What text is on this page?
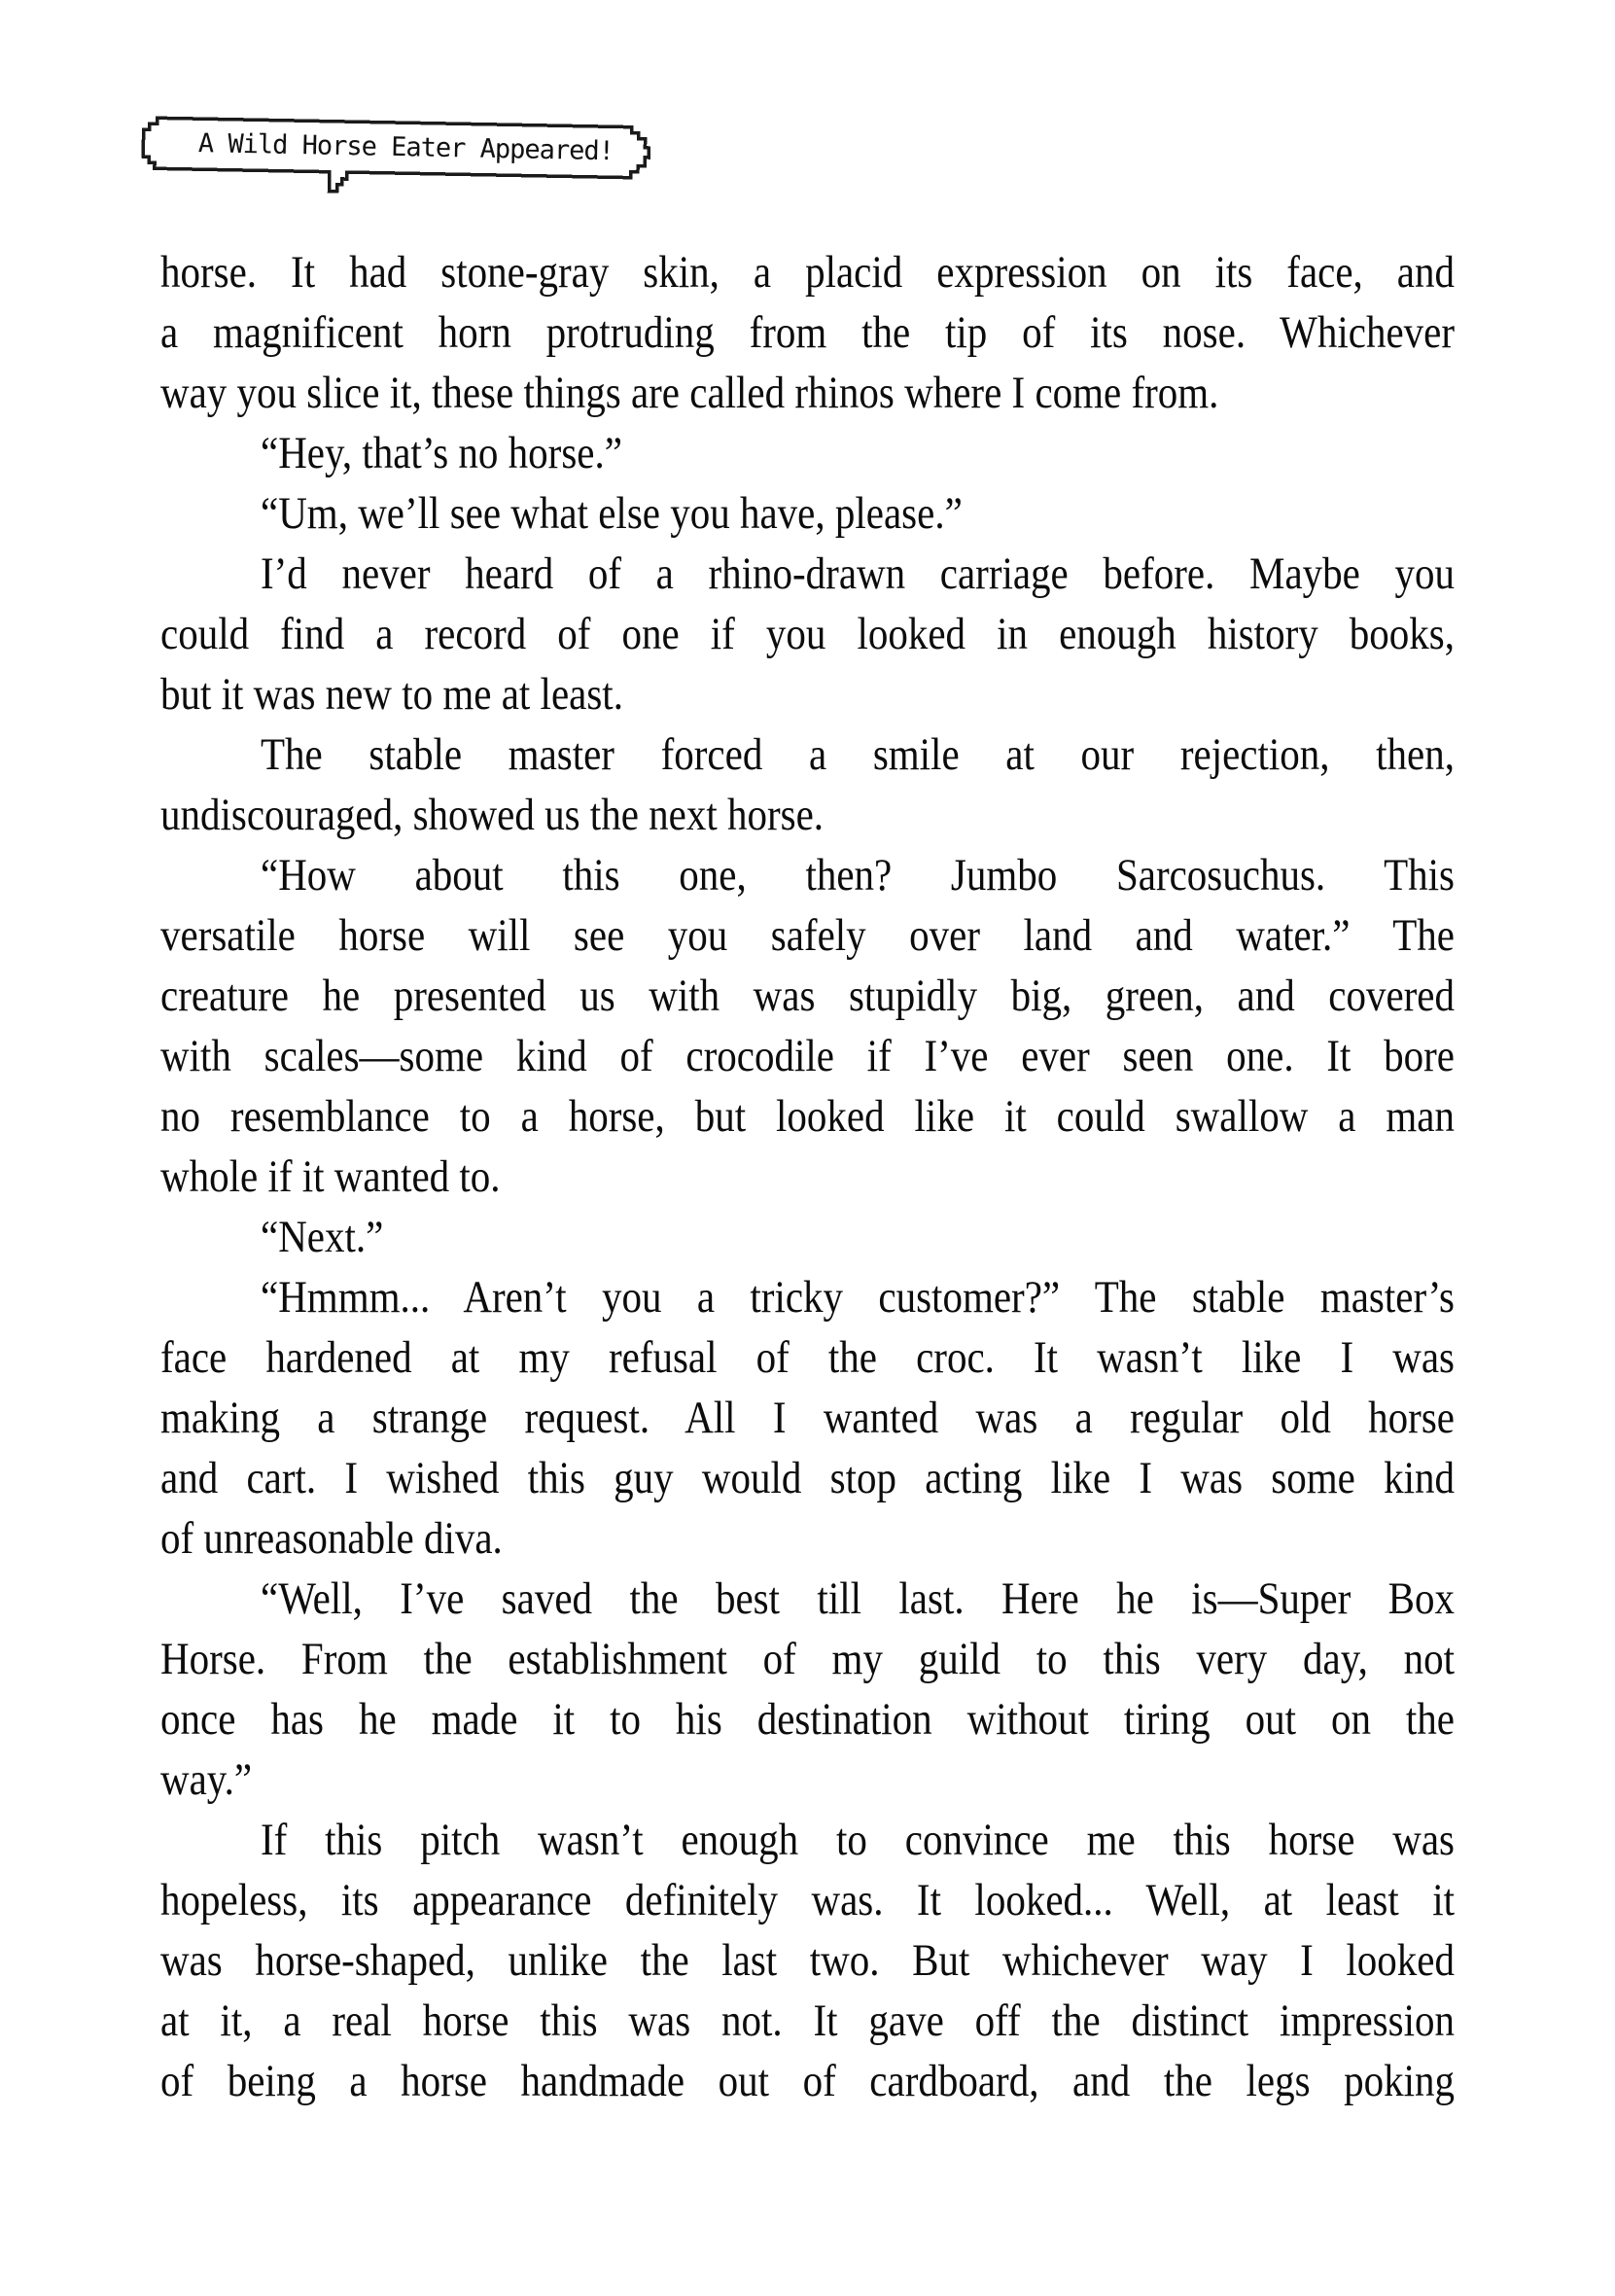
A Wild Horse Eater Appeared!
horse. It had stone-gray skin, a placid expression on its face, and
a magnificent horn protruding from the tip of its nose. Whichever
way you slice it, these things are called rhinos where I come from.
“Hey, that’s no horse.”
“Um, we’ll see what else you have, please.”
I’d never heard of a rhino-drawn carriage before. Maybe you
could find a record of one if you looked in enough history books,
but it was new to me at least.
The stable master forced a smile at our rejection, then,
undiscouraged, showed us the next horse.
“How about this one, then? Jumbo Sarcosuchus. This
versatile horse will see you safely over land and water.” The
creature he presented us with was stupidly big, green, and covered
with scales—some kind of crocodile if I’ve ever seen one. It bore
no resemblance to a horse, but looked like it could swallow a man
whole if it wanted to.
“Next.”
“Hmmm... Aren’t you a tricky customer?” The stable master’s
face hardened at my refusal of the croc. It wasn’t like I was
making a strange request. All I wanted was a regular old horse
and cart. I wished this guy would stop acting like I was some kind
of unreasonable diva.
“Well, I’ve saved the best till last. Here he is—Super Box
Horse. From the establishment of my guild to this very day, not
once has he made it to his destination without tiring out on the
way.”
If this pitch wasn’t enough to convince me this horse was
hopeless, its appearance definitely was. It looked... Well, at least it
was horse-shaped, unlike the last two. But whichever way I looked
at it, a real horse this was not. It gave off the distinct impression
of being a horse handmade out of cardboard, and the legs poking
